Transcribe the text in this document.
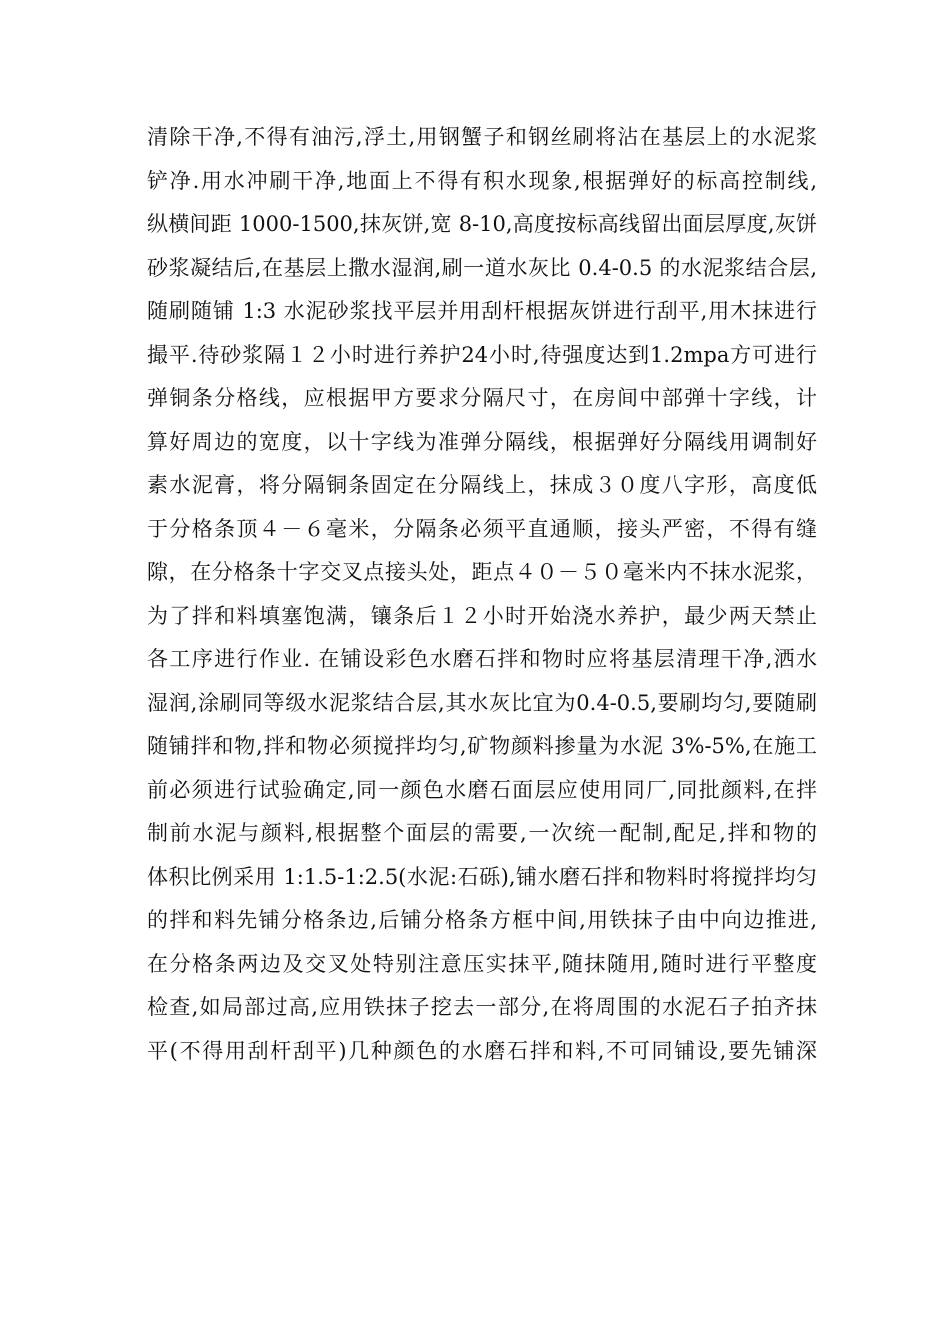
清除干净,不得有油污,浮土,用钢蟹子和钢丝刷将沾在基层上的水泥浆
铲净.用水冲刷干净,地面上不得有积水现象,根据弹好的标高控制线,
纵横间距 1000-1500,抹灰饼,宽 8-10,高度按标高线留出面层厚度,灰饼
砂浆凝结后,在基层上撒水湿润,刷一道水灰比 0.4-0.5 的水泥浆结合层,
随刷随铺 1:3 水泥砂浆找平层并用刮杆根据灰饼进行刮平,用木抹进行
撮平.待砂浆隔１２小时进行养护24小时,待强度达到1.2mpa方可进行
弹铜条分格线，应根据甲方要求分隔尺寸，在房间中部弹十字线，计
算好周边的宽度，以十字线为准弹分隔线，根据弹好分隔线用调制好
素水泥膏，将分隔铜条固定在分隔线上，抹成３０度八字形，高度低
于分格条顶４－６毫米，分隔条必须平直通顺，接头严密，不得有缝
隙，在分格条十字交叉点接头处，距点４０－５０毫米内不抹水泥浆，
为了拌和料填塞饱满，镶条后１２小时开始浇水养护，最少两天禁止
各工序进行作业. 在铺设彩色水磨石拌和物时应将基层清理干净,洒水
湿润,涂刷同等级水泥浆结合层,其水灰比宜为0.4-0.5,要刷均匀,要随刷
随铺拌和物,拌和物必须搅拌均匀,矿物颜料掺量为水泥 3%-5%,在施工
前必须进行试验确定,同一颜色水磨石面层应使用同厂,同批颜料,在拌
制前水泥与颜料,根据整个面层的需要,一次统一配制,配足,拌和物的
体积比例采用 1:1.5-1:2.5(水泥:石砾),铺水磨石拌和物料时将搅拌均匀
的拌和料先铺分格条边,后铺分格条方框中间,用铁抹子由中向边推进,
在分格条两边及交叉处特别注意压实抹平,随抹随用,随时进行平整度
检查,如局部过高,应用铁抹子挖去一部分,在将周围的水泥石子拍齐抹
平(不得用刮杆刮平)几种颜色的水磨石拌和料,不可同铺设,要先铺深
